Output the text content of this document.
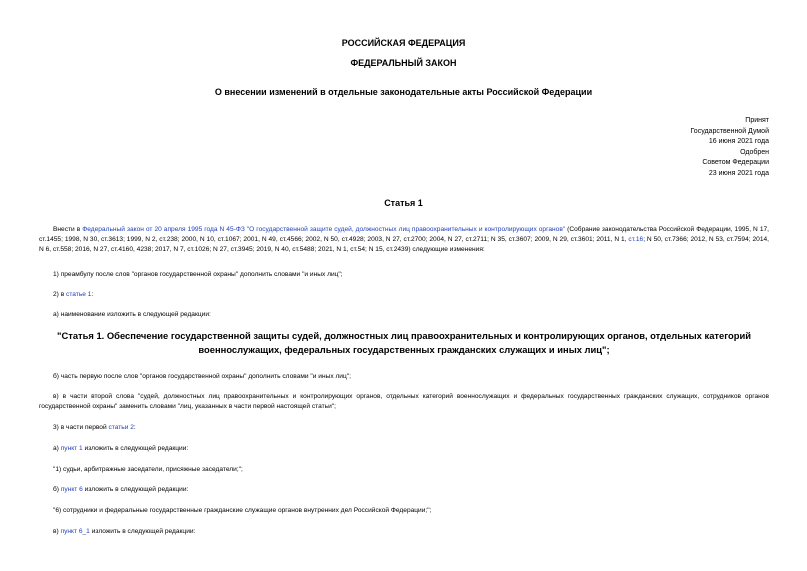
РОССИЙСКАЯ ФЕДЕРАЦИЯ
ФЕДЕРАЛЬНЫЙ ЗАКОН
О внесении изменений в отдельные законодательные акты Российской Федерации
Принят
Государственной Думой
16 июня 2021 года
Одобрен
Советом Федерации
23 июня 2021 года
Статья 1
Внести в Федеральный закон от 20 апреля 1995 года N 45-ФЗ "О государственной защите судей, должностных лиц правоохранительных и контролирующих органов" (Собрание законодательства Российской Федерации, 1995, N 17, ст.1455; 1998, N 30, ст.3613; 1999, N 2, ст.238; 2000, N 10, ст.1067; 2001, N 49, ст.4566; 2002, N 50, ст.4928; 2003, N 27, ст.2700; 2004, N 27, ст.2711; N 35, ст.3607; 2009, N 29, ст.3601; 2011, N 1, ст.16; N 50, ст.7366; 2012, N 53, ст.7594; 2014, N 6, ст.558; 2016, N 27, ст.4160, 4238; 2017, N 7, ст.1026; N 27, ст.3945; 2019, N 40, ст.5488; 2021, N 1, ст.54; N 15, ст.2439) следующие изменения:
1) преамбулу после слов "органов государственной охраны" дополнить словами "и иных лиц";
2) в статье 1:
а) наименование изложить в следующей редакции:
"Статья 1. Обеспечение государственной защиты судей, должностных лиц правоохранительных и контролирующих органов, отдельных категорий военнослужащих, федеральных государственных гражданских служащих и иных лиц";
б) часть первую после слов "органов государственной охраны" дополнить словами "и иных лиц";
в) в части второй слова "судей, должностных лиц правоохранительных и контролирующих органов, отдельных категорий военнослужащих и федеральных государственных гражданских служащих, сотрудников органов государственной охраны" заменить словами "лиц, указанных в части первой настоящей статьи";
3) в части первой статьи 2:
а) пункт 1 изложить в следующей редакции:
"1) судьи, арбитражные заседатели, присяжные заседатели;";
б) пункт 6 изложить в следующей редакции:
"6) сотрудники и федеральные государственные гражданские служащие органов внутренних дел Российской Федерации;";
в) пункт 6_1 изложить в следующей редакции:
